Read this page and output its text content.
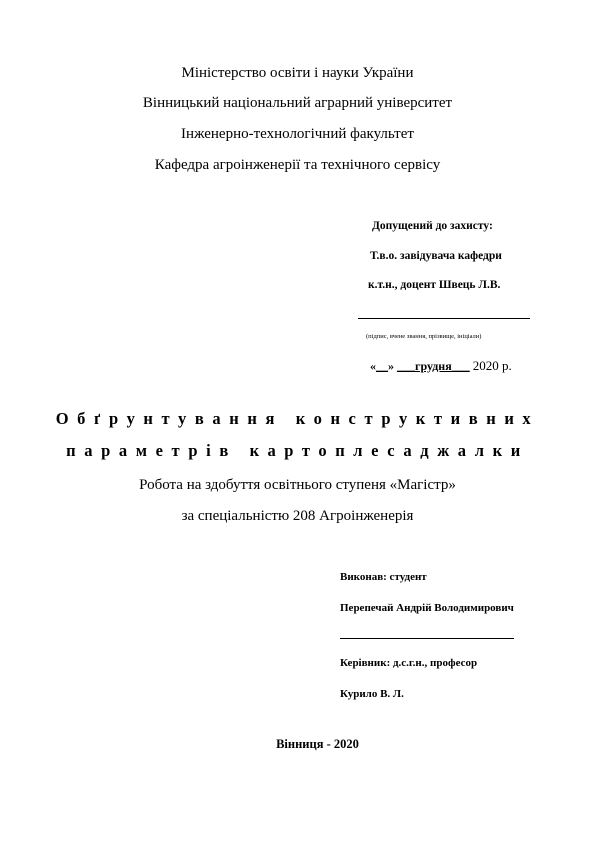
Міністерство освіти і науки України
Вінницький національний аграрний університет
Інженерно-технологічний факультет
Кафедра агроінженерії та технічного сервісу
Допущений до захисту:
Т.в.о. завідувача кафедри
к.т.н., доцент Швець Л.В.
(підпис, вчене звання, прізвище, ініціали)
«__» ___грудня___ 2020 р.
Обґрунтування конструктивних
параметрів картоплесаджалки
Робота на здобуття освітнього ступеня «Магістр»
за спеціальністю 208 Агроінженерія
Виконав: студент
Перепечай Андрій Володимирович
Керівник: д.с.г.н., професор
Курило В. Л.
Вінниця - 2020
